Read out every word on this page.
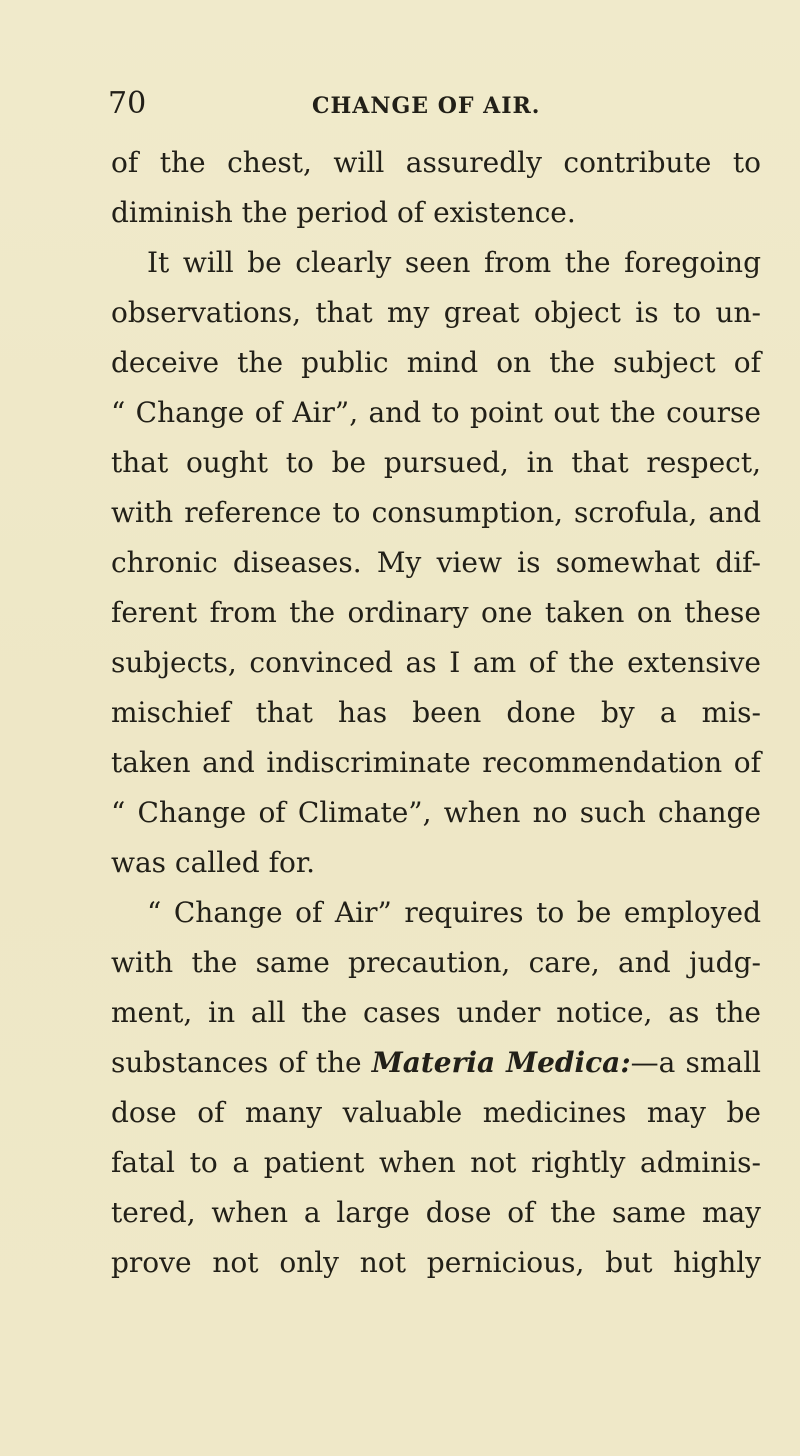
70	CHANGE OF AIR.
of the chest, will assuredly contribute to
diminish the period of existence.
It will be clearly seen from the foregoing
observations, that my great object is to un-
deceive the public mind on the subject of
“ Change of Air”, and to point out the course
that ought to be pursued, in that respect,
with reference to consumption, scrofula, and
chronic diseases. My view is somewhat dif-
ferent from the ordinary one taken on these
subjects, convinced as I am of the extensive
mischief that has been done by a mis-
taken and indiscriminate recommendation of
“ Change of Climate”, when no such change
was called for.
“ Change of Air” requires to be employed
with the same precaution, care, and judg-
ment, in all the cases under notice, as the
substances of the Materia Medica:—a small
dose of many valuable medicines may be
fatal to a patient when not rightly adminis-
tered, when a large dose of the same may
prove not only not pernicious, but highly
